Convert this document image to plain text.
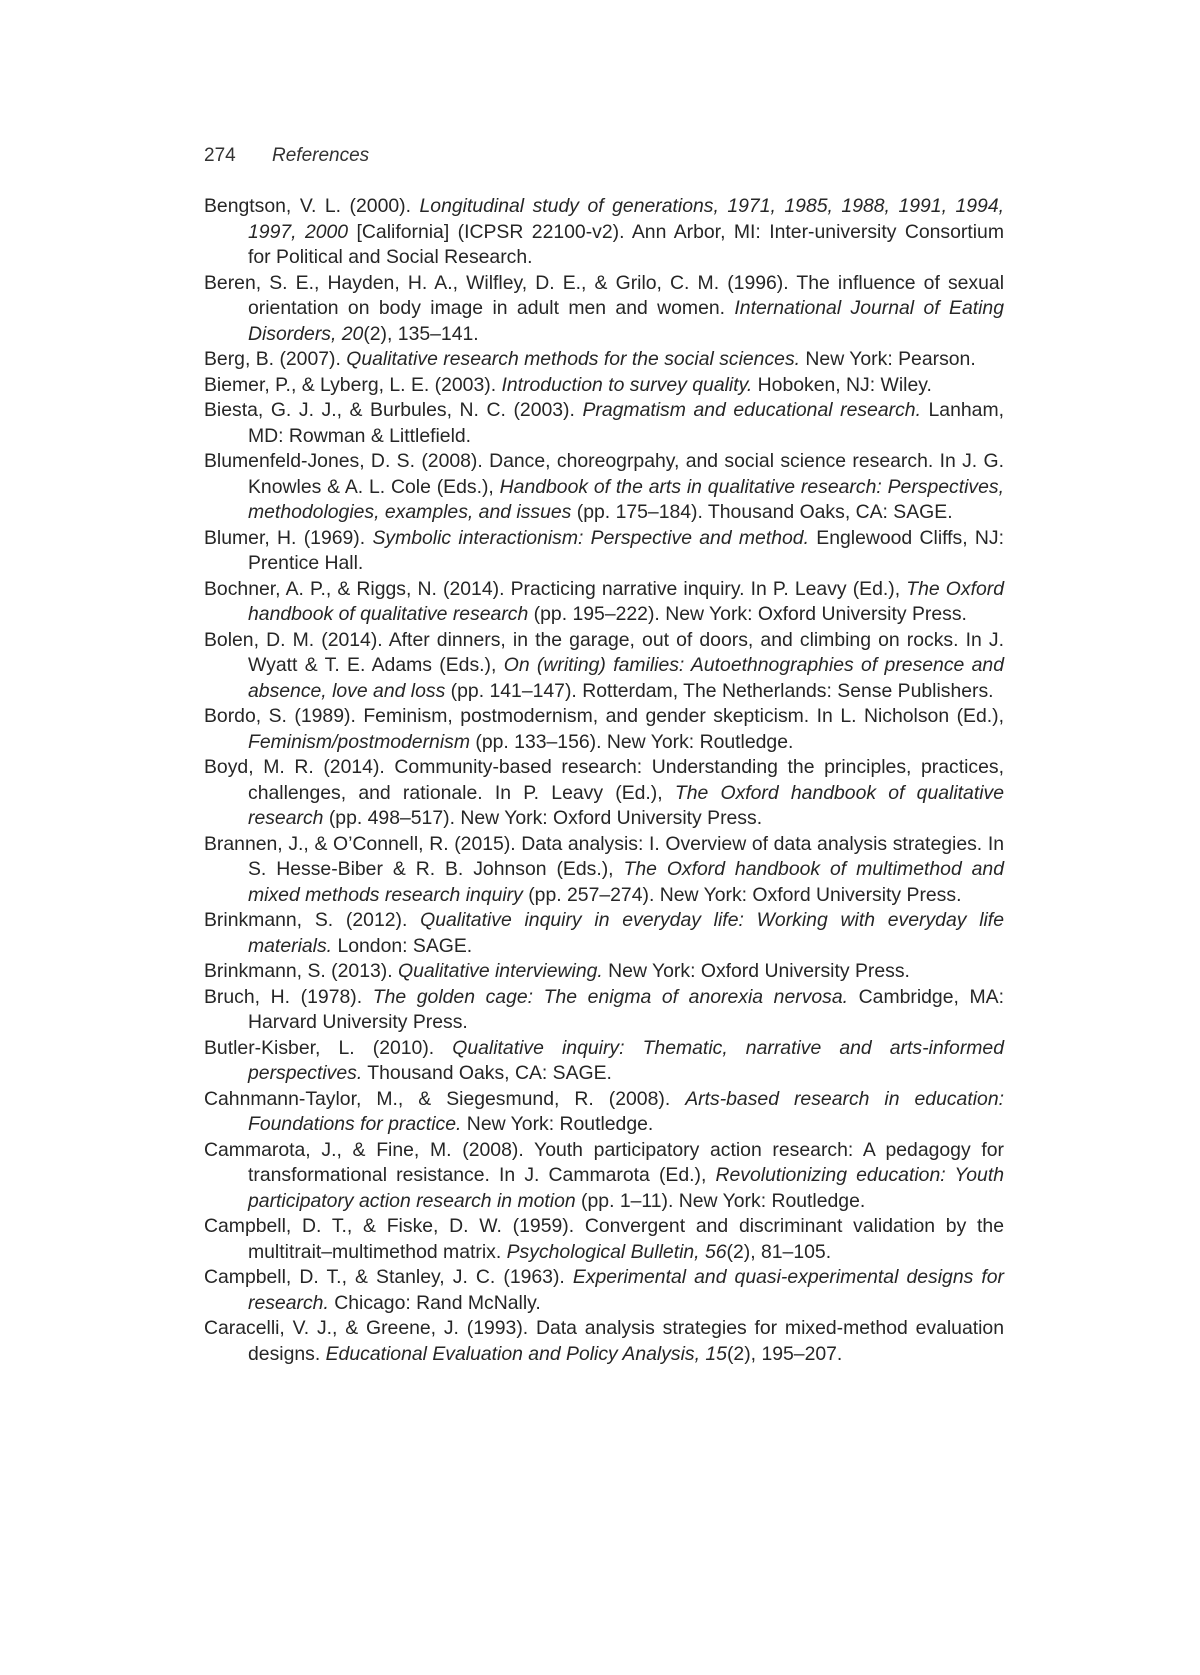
274 References

Bengtson, V. L. (2000). Longitudinal study of generations, 1971, 1985, 1988, 1991, 1994, 1997, 2000 [California] (ICPSR 22100-v2). Ann Arbor, MI: Inter-university Consortium for Political and Social Research.

Beren, S. E., Hayden, H. A., Wilfley, D. E., & Grilo, C. M. (1996). The influence of sexual orientation on body image in adult men and women. International Journal of Eating Disorders, 20(2), 135–141.

Berg, B. (2007). Qualitative research methods for the social sciences. New York: Pearson.

Biemer, P., & Lyberg, L. E. (2003). Introduction to survey quality. Hoboken, NJ: Wiley.

Biesta, G. J. J., & Burbules, N. C. (2003). Pragmatism and educational research. Lanham, MD: Rowman & Littlefield.

Blumenfeld-Jones, D. S. (2008). Dance, choreogrpahy, and social science research. In J. G. Knowles & A. L. Cole (Eds.), Handbook of the arts in qualitative research: Perspectives, methodologies, examples, and issues (pp. 175–184). Thousand Oaks, CA: SAGE.

Blumer, H. (1969). Symbolic interactionism: Perspective and method. Englewood Cliffs, NJ: Prentice Hall.

Bochner, A. P., & Riggs, N. (2014). Practicing narrative inquiry. In P. Leavy (Ed.), The Oxford handbook of qualitative research (pp. 195–222). New York: Oxford University Press.

Bolen, D. M. (2014). After dinners, in the garage, out of doors, and climbing on rocks. In J. Wyatt & T. E. Adams (Eds.), On (writing) families: Autoethnographies of presence and absence, love and loss (pp. 141–147). Rotterdam, The Netherlands: Sense Publishers.

Bordo, S. (1989). Feminism, postmodernism, and gender skepticism. In L. Nicholson (Ed.), Feminism/postmodernism (pp. 133–156). New York: Routledge.

Boyd, M. R. (2014). Community-based research: Understanding the principles, practices, challenges, and rationale. In P. Leavy (Ed.), The Oxford handbook of qualitative research (pp. 498–517). New York: Oxford University Press.

Brannen, J., & O’Connell, R. (2015). Data analysis: I. Overview of data analysis strategies. In S. Hesse-Biber & R. B. Johnson (Eds.), The Oxford handbook of multimethod and mixed methods research inquiry (pp. 257–274). New York: Oxford University Press.

Brinkmann, S. (2012). Qualitative inquiry in everyday life: Working with everyday life materials. London: SAGE.

Brinkmann, S. (2013). Qualitative interviewing. New York: Oxford University Press.

Bruch, H. (1978). The golden cage: The enigma of anorexia nervosa. Cambridge, MA: Harvard University Press.

Butler-Kisber, L. (2010). Qualitative inquiry: Thematic, narrative and arts-informed perspectives. Thousand Oaks, CA: SAGE.

Cahnmann-Taylor, M., & Siegesmund, R. (2008). Arts-based research in education: Foundations for practice. New York: Routledge.

Cammarota, J., & Fine, M. (2008). Youth participatory action research: A pedagogy for transformational resistance. In J. Cammarota (Ed.), Revolutionizing education: Youth participatory action research in motion (pp. 1–11). New York: Routledge.

Campbell, D. T., & Fiske, D. W. (1959). Convergent and discriminant validation by the multitrait–multimethod matrix. Psychological Bulletin, 56(2), 81–105.

Campbell, D. T., & Stanley, J. C. (1963). Experimental and quasi-experimental designs for research. Chicago: Rand McNally.

Caracelli, V. J., & Greene, J. (1993). Data analysis strategies for mixed-method evaluation designs. Educational Evaluation and Policy Analysis, 15(2), 195–207.
